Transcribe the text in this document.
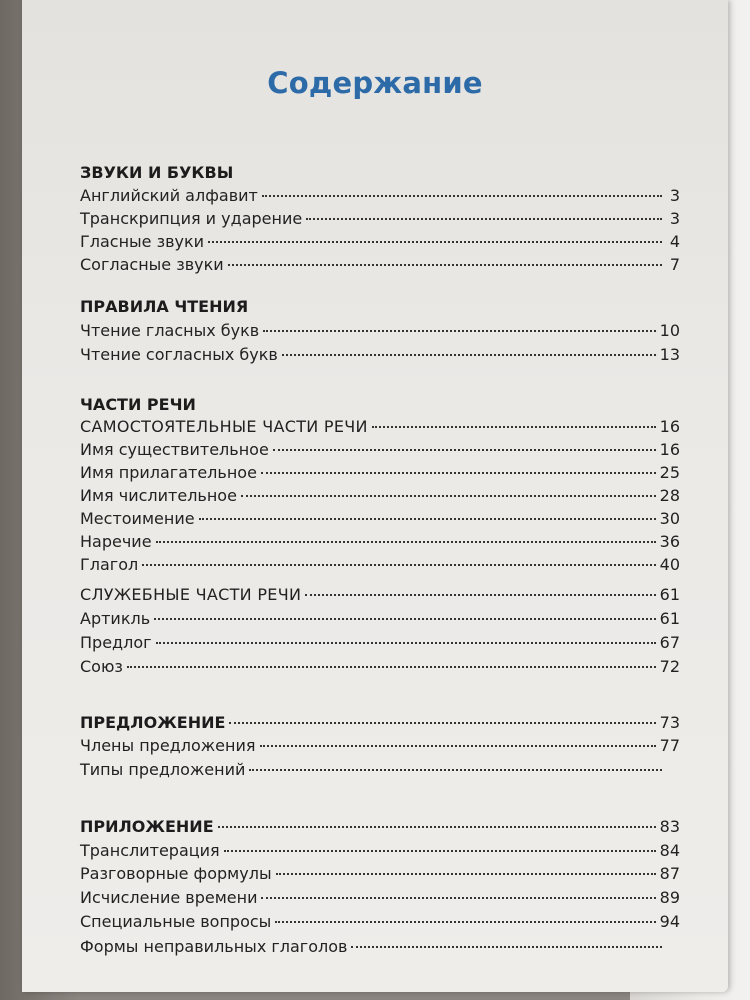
Содержание
ЗВУКИ И БУКВЫ
Английский алфавит	3
Транскрипция и ударение	3
Гласные звуки	4
Согласные звуки	7
ПРАВИЛА ЧТЕНИЯ
Чтение гласных букв	10
Чтение согласных букв	13
ЧАСТИ РЕЧИ
САМОСТОЯТЕЛЬНЫЕ ЧАСТИ РЕЧИ	16
Имя существительное	16
Имя прилагательное	25
Имя числительное	28
Местоимение	30
Наречие	36
Глагол	40
СЛУЖЕБНЫЕ ЧАСТИ РЕЧИ	61
Артикль	61
Предлог	67
Союз	72
ПРЕДЛОЖЕНИЕ	73
Члены предложения	77
Типы предложений
ПРИЛОЖЕНИЕ	83
Транслитерация	84
Разговорные формулы	87
Исчисление времени	89
Специальные вопросы	94
Формы неправильных глаголов
